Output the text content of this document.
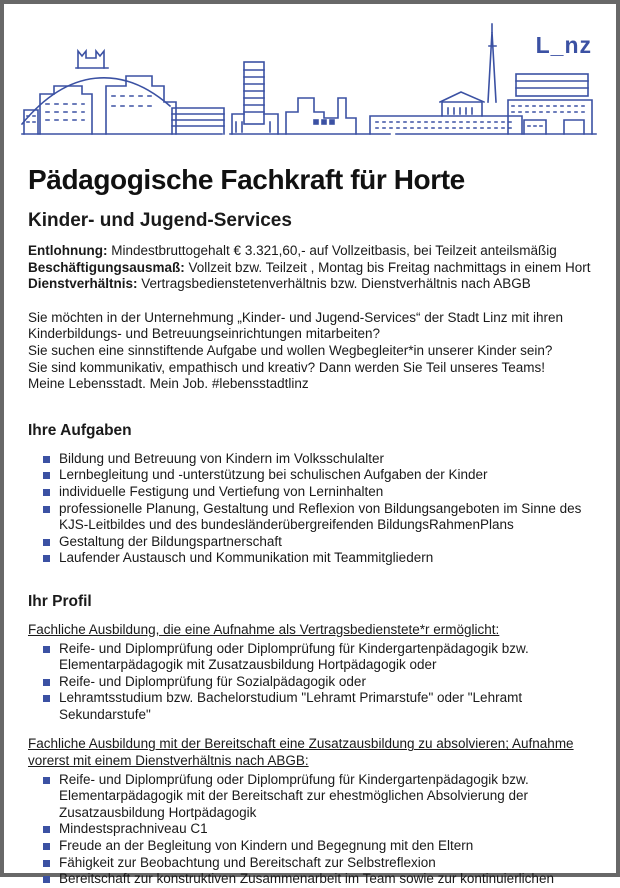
L_nz
Pädagogische Fachkraft für Horte
Kinder- und Jugend-Services
Entlohnung: Mindestbruttogehalt € 3.321,60,- auf Vollzeitbasis, bei Teilzeit anteilsmäßig
Beschäftigungsausmaß: Vollzeit bzw. Teilzeit , Montag bis Freitag nachmittags in einem Hort
Dienstverhältnis: Vertragsbedienstetenverhältnis bzw. Dienstverhältnis nach ABGB
Sie möchten in der Unternehmung „Kinder- und Jugend-Services“ der Stadt Linz mit ihren Kinderbildungs- und Betreuungseinrichtungen mitarbeiten?
Sie suchen eine sinnstiftende Aufgabe und wollen Wegbegleiter*in unserer Kinder sein?
Sie sind kommunikativ, empathisch und kreativ? Dann werden Sie Teil unseres Teams!
Meine Lebensstadt. Mein Job. #lebensstadtlinz
Ihre Aufgaben
Bildung und Betreuung von Kindern im Volksschulalter
Lernbegleitung und -unterstützung bei schulischen Aufgaben der Kinder
individuelle Festigung und Vertiefung von Lerninhalten
professionelle Planung, Gestaltung und Reflexion von Bildungsangeboten im Sinne des KJS-Leitbildes und des bundesländerübergreifenden BildungsRahmenPlans
Gestaltung der Bildungspartnerschaft
Laufender Austausch und Kommunikation mit Teammitgliedern
Ihr Profil
Fachliche Ausbildung, die eine Aufnahme als Vertragsbedienstete*r ermöglicht:
Reife- und Diplomprüfung oder Diplomprüfung für Kindergartenpädagogik bzw. Elementarpädagogik mit Zusatzausbildung Hortpädagogik oder
Reife- und Diplomprüfung für Sozialpädagogik oder
Lehramtsstudium bzw. Bachelorstudium "Lehramt Primarstufe" oder "Lehramt Sekundarstufe"
Fachliche Ausbildung mit der Bereitschaft eine Zusatzausbildung zu absolvieren; Aufnahme vorerst mit einem Dienstverhältnis nach ABGB:
Reife- und Diplomprüfung oder Diplomprüfung für Kindergartenpädagogik bzw. Elementarpädagogik mit der Bereitschaft zur ehestmöglichen Absolvierung der Zusatzausbildung Hortpädagogik
Mindestsprachniveau C1
Freude an der Begleitung von Kindern und Begegnung mit den Eltern
Fähigkeit zur Beobachtung und Bereitschaft zur Selbstreflexion
Bereitschaft zur konstruktiven Zusammenarbeit im Team sowie zur kontinuierlichen
